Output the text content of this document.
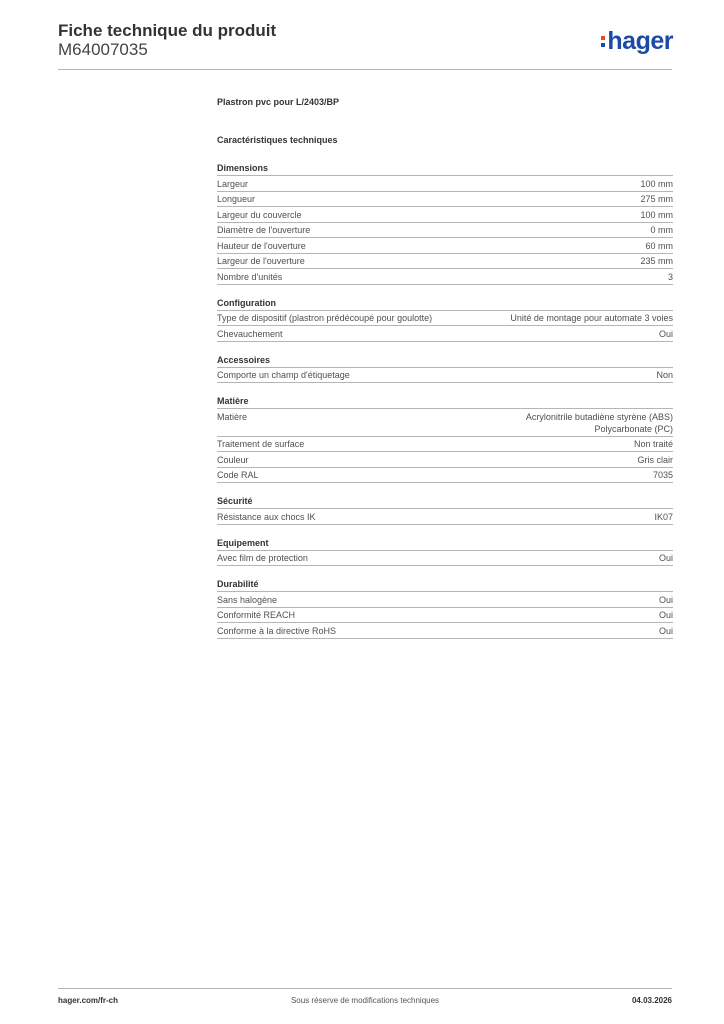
Fiche technique du produit
M64007035	hager
Plastron pvc pour L/2403/BP
Caractéristiques techniques
Dimensions
Largeur	100 mm
Longueur	275 mm
Largeur du couvercle	100 mm
Diamètre de l'ouverture	0 mm
Hauteur de l'ouverture	60 mm
Largeur de l'ouverture	235 mm
Nombre d'unités	3
Configuration
Type de dispositif (plastron prédécoupé pour goulotte)	Unité de montage pour automate 3 voies
Chevauchement	Oui
Accessoires
Comporte un champ d'étiquetage	Non
Matière
Matière	Acrylonitrile butadiène styrène (ABS)
Polycarbonate (PC)
Traitement de surface	Non traité
Couleur	Gris clair
Code RAL	7035
Sécurité
Résistance aux chocs IK	IK07
Equipement
Avec film de protection	Oui
Durabilité
Sans halogène	Oui
Conformité REACH	Oui
Conforme à la directive RoHS	Oui
Sous réserve de modifications techniques
hager.com/fr-ch	04.03.2026
